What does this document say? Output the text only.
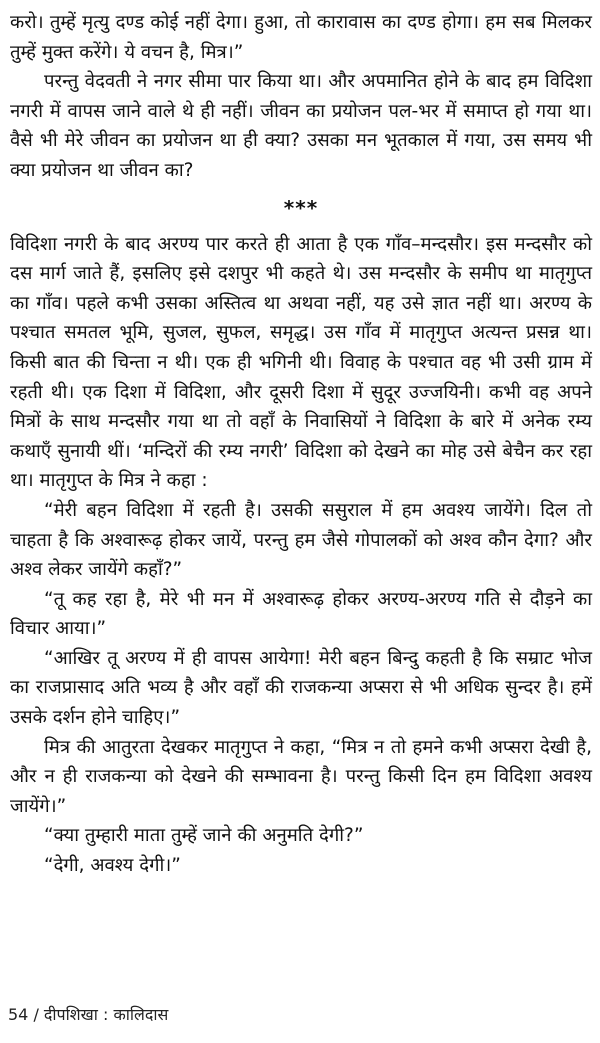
करो। तुम्हें मृत्यु दण्ड कोई नहीं देगा। हुआ, तो कारावास का दण्ड होगा। हम सब मिलकर तुम्हें मुक्त करेंगे। ये वचन है, मित्र।”

परन्तु वेदवती ने नगर सीमा पार किया था। और अपमानित होने के बाद हम विदिशा नगरी में वापस जाने वाले थे ही नहीं। जीवन का प्रयोजन पल-भर में समाप्त हो गया था। वैसे भी मेरे जीवन का प्रयोजन था ही क्या? उसका मन भूतकाल में गया, उस समय भी क्या प्रयोजन था जीवन का?

***

विदिशा नगरी के बाद अरण्य पार करते ही आता है एक गाँव–मन्दसौर। इस मन्दसौर को दस मार्ग जाते हैं, इसलिए इसे दशपुर भी कहते थे। उस मन्दसौर के समीप था मातृगुप्त का गाँव। पहले कभी उसका अस्तित्व था अथवा नहीं, यह उसे ज्ञात नहीं था। अरण्य के पश्चात समतल भूमि, सुजल, सुफल, समृद्ध। उस गाँव में मातृगुप्त अत्यन्त प्रसन्न था। किसी बात की चिन्ता न थी। एक ही भगिनी थी। विवाह के पश्चात वह भी उसी ग्राम में रहती थी। एक दिशा में विदिशा, और दूसरी दिशा में सुदूर उज्जयिनी। कभी वह अपने मित्रों के साथ मन्दसौर गया था तो वहाँ के निवासियों ने विदिशा के बारे में अनेक रम्य कथाएँ सुनायी थीं। ‘मन्दिरों की रम्य नगरी’ विदिशा को देखने का मोह उसे बेचैन कर रहा था। मातृगुप्त के मित्र ने कहा :

“मेरी बहन विदिशा में रहती है। उसकी ससुराल में हम अवश्य जायेंगे। दिल तो चाहता है कि अश्वारूढ़ होकर जायें, परन्तु हम जैसे गोपालकों को अश्व कौन देगा? और अश्व लेकर जायेंगे कहाँ?”

“तू कह रहा है, मेरे भी मन में अश्वारूढ़ होकर अरण्य-अरण्य गति से दौड़ने का विचार आया।”

“आखिर तू अरण्य में ही वापस आयेगा! मेरी बहन बिन्दु कहती है कि सम्राट भोज का राजप्रासाद अति भव्य है और वहाँ की राजकन्या अप्सरा से भी अधिक सुन्दर है। हमें उसके दर्शन होने चाहिए।”

मित्र की आतुरता देखकर मातृगुप्त ने कहा, “मित्र न तो हमने कभी अप्सरा देखी है, और न ही राजकन्या को देखने की सम्भावना है। परन्तु किसी दिन हम विदिशा अवश्य जायेंगे।”

“क्या तुम्हारी माता तुम्हें जाने की अनुमति देगी?”

“देगी, अवश्य देगी।”

54 / दीपशिखा : कालिदास
